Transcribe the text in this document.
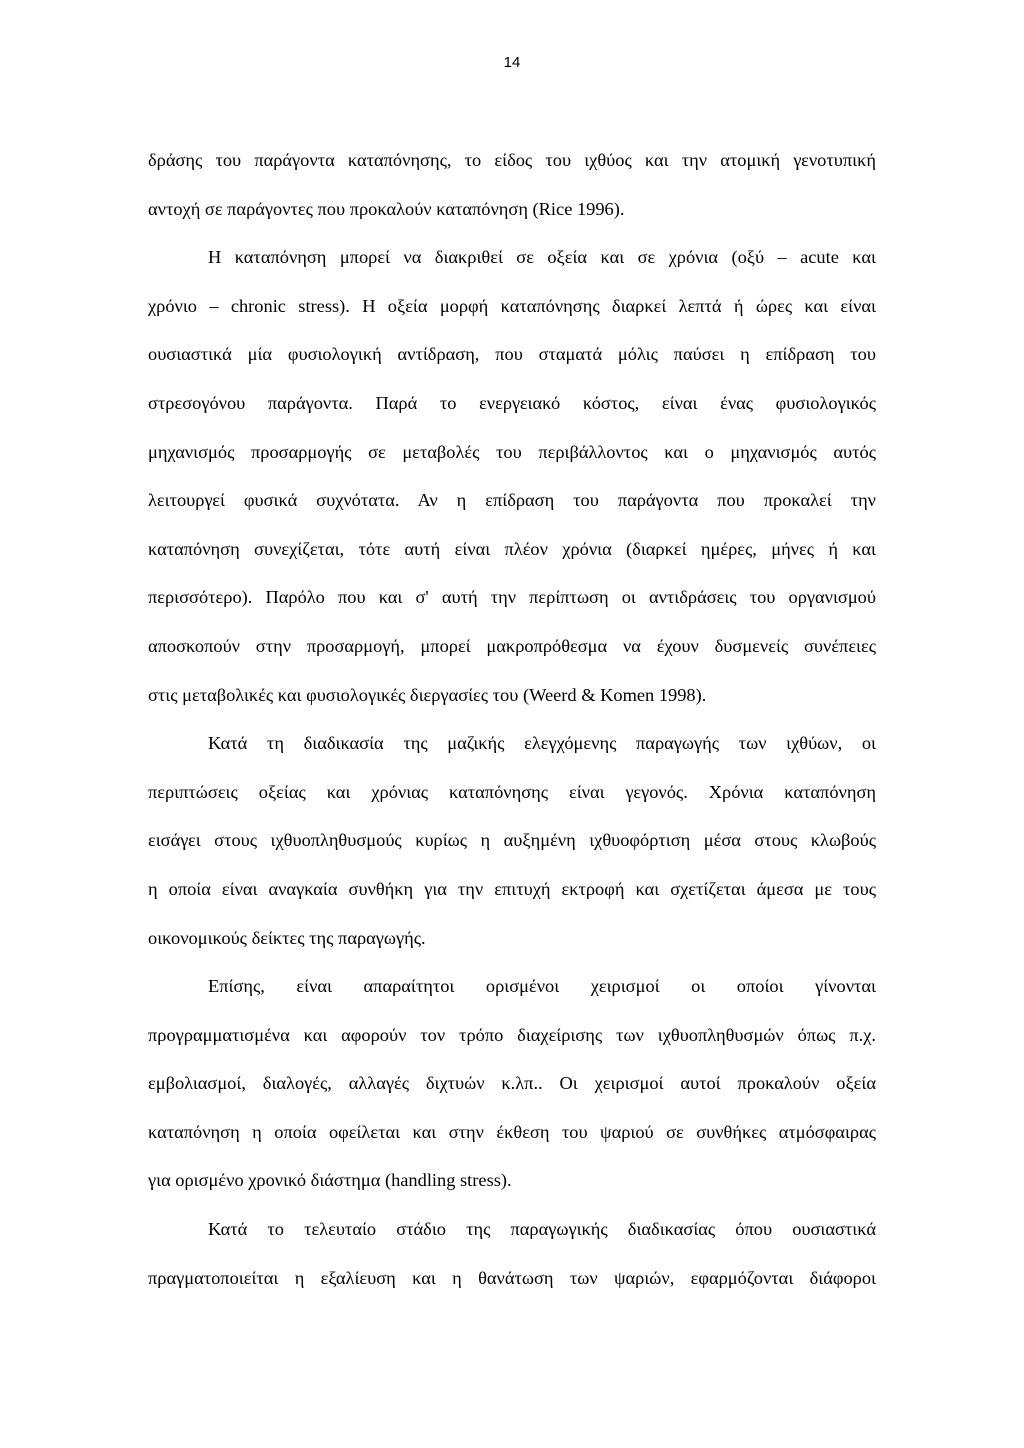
14
δράσης του παράγοντα καταπόνησης, το είδος του ιχθύος και την ατομική γενοτυπική
αντοχή σε παράγοντες που προκαλούν καταπόνηση (Rice 1996).
Η καταπόνηση μπορεί να διακριθεί σε οξεία και σε χρόνια (οξύ – acute και
χρόνιο – chronic stress). Η οξεία μορφή καταπόνησης διαρκεί λεπτά ή ώρες και είναι
ουσιαστικά μία φυσιολογική αντίδραση, που σταματά μόλις παύσει η επίδραση του
στρεσογόνου παράγοντα. Παρά το ενεργειακό κόστος, είναι ένας φυσιολογικός
μηχανισμός προσαρμογής σε μεταβολές του περιβάλλοντος και ο μηχανισμός αυτός
λειτουργεί φυσικά συχνότατα. Αν η επίδραση του παράγοντα που προκαλεί την
καταπόνηση συνεχίζεται, τότε αυτή είναι πλέον χρόνια (διαρκεί ημέρες, μήνες ή και
περισσότερο). Παρόλο που και σ' αυτή την περίπτωση οι αντιδράσεις του οργανισμού
αποσκοπούν στην προσαρμογή, μπορεί μακροπρόθεσμα να έχουν δυσμενείς συνέπειες
στις μεταβολικές και φυσιολογικές διεργασίες του (Weerd & Komen 1998).
Κατά τη διαδικασία της μαζικής ελεγχόμενης παραγωγής των ιχθύων, οι
περιπτώσεις οξείας και χρόνιας καταπόνησης είναι γεγονός. Χρόνια καταπόνηση
εισάγει στους ιχθυοπληθυσμούς κυρίως η αυξημένη ιχθυοφόρτιση μέσα στους κλωβούς
η οποία είναι αναγκαία συνθήκη για την επιτυχή εκτροφή και σχετίζεται άμεσα με τους
οικονομικούς δείκτες της παραγωγής.
Επίσης, είναι απαραίτητοι ορισμένοι χειρισμοί οι οποίοι γίνονται
προγραμματισμένα και αφορούν τον τρόπο διαχείρισης των ιχθυοπληθυσμών όπως π.χ.
εμβολιασμοί, διαλογές, αλλαγές διχτυών κ.λπ.. Οι χειρισμοί αυτοί προκαλούν οξεία
καταπόνηση η οποία οφείλεται και στην έκθεση του ψαριού σε συνθήκες ατμόσφαιρας
για ορισμένο χρονικό διάστημα (handling stress).
Κατά το τελευταίο στάδιο της παραγωγικής διαδικασίας όπου ουσιαστικά
πραγματοποιείται η εξαλίευση και η θανάτωση των ψαριών, εφαρμόζονται διάφοροι
